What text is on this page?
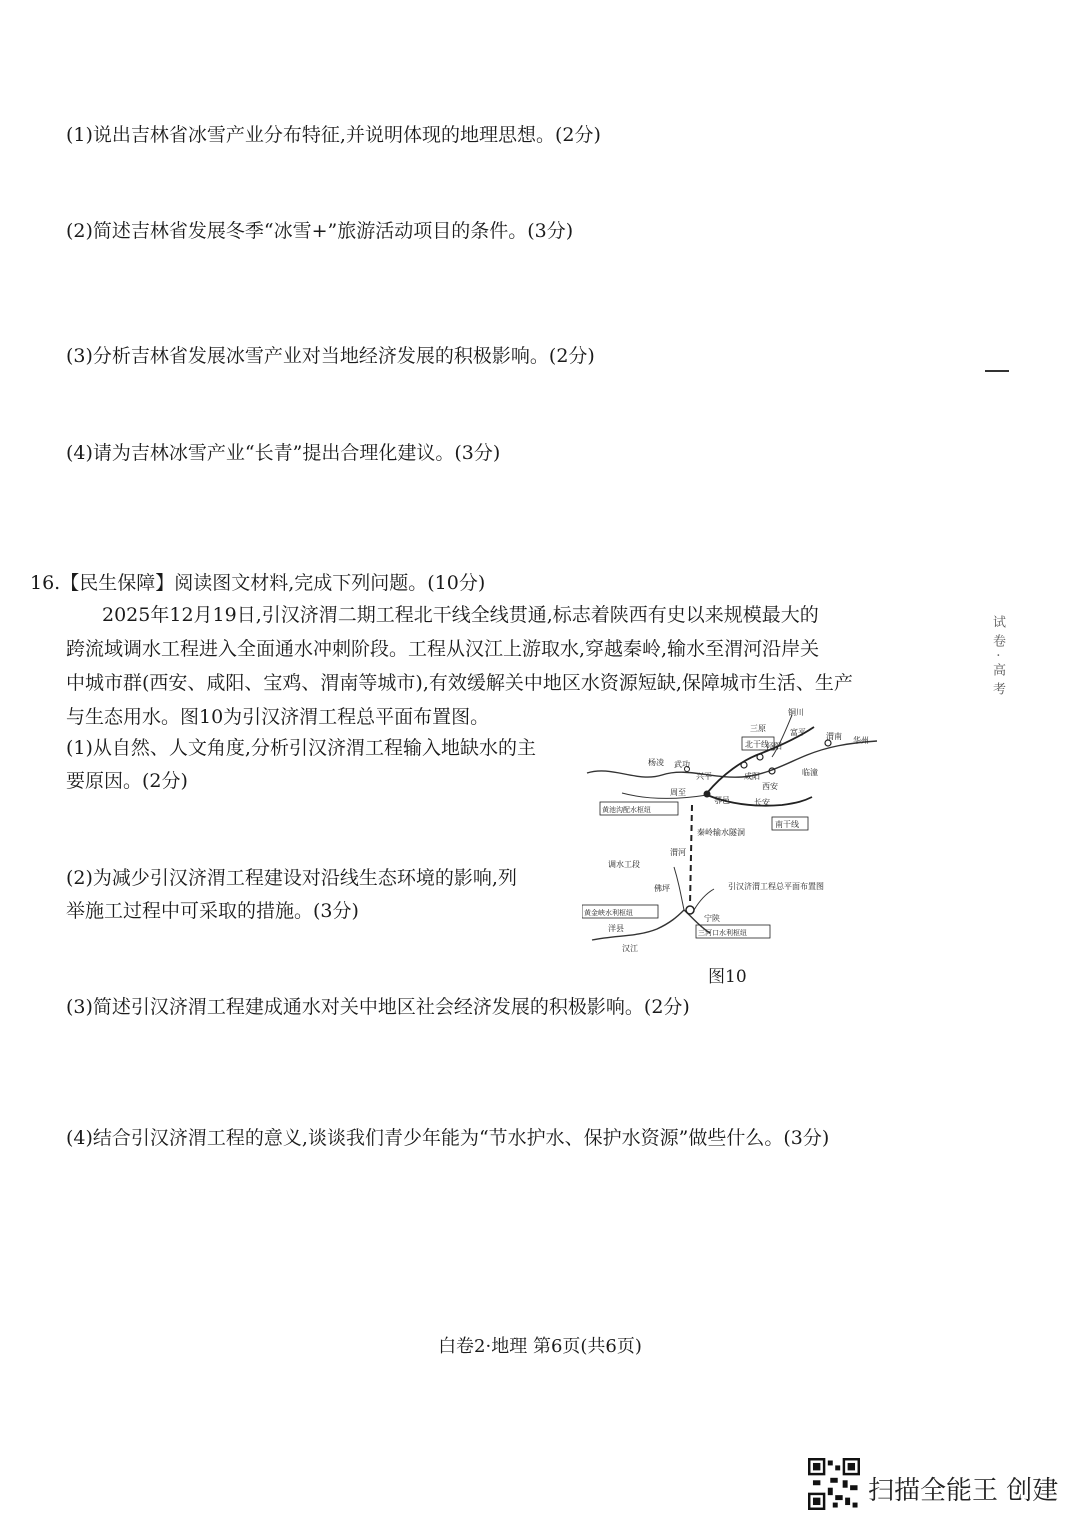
(1)说出吉林省冰雪产业分布特征,并说明体现的地理思想。(2分)
(2)简述吉林省发展冬季“冰雪+”旅游活动项目的条件。(3分)
(3)分析吉林省发展冰雪产业对当地经济发展的积极影响。(2分)
(4)请为吉林冰雪产业“长青”提出合理化建议。(3分)
试卷·高考
16.【民生保障】阅读图文材料,完成下列问题。(10分)
2025年12月19日,引汉济渭二期工程北干线全线贯通,标志着陕西有史以来规模最大的
跨流域调水工程进入全面通水冲刺阶段。工程从汉江上游取水,穿越秦岭,输水至渭河沿岸关
中城市群(西安、咸阳、宝鸡、渭南等城市),有效缓解关中地区水资源短缺,保障城市生活、生产
与生态用水。图10为引汉济渭工程总平面布置图。
(1)从自然、人文角度,分析引汉济渭工程输入地缺水的主
要原因。(2分)
(2)为减少引汉济渭工程建设对沿线生态环境的影响,列
举施工过程中可采取的措施。(3分)
铜川
三原	富平
泾阳
渭南 华州
北干线
咸阳
杨凌 武功
兴平	临潼
西安
周至
鄠邑	长安
黄池沟配水枢纽
南干线
渭河
秦岭输水隧洞
调水工段
引汉济渭工程总平面布置图
佛坪
黄金峡水利枢纽
宁陕
三河口水利枢纽
洋县
汉江
图10
(3)简述引汉济渭工程建成通水对关中地区社会经济发展的积极影响。(2分)
(4)结合引汉济渭工程的意义,谈谈我们青少年能为“节水护水、保护水资源”做些什么。(3分)
白卷2·地理 第6页(共6页)
扫描全能王 创建
